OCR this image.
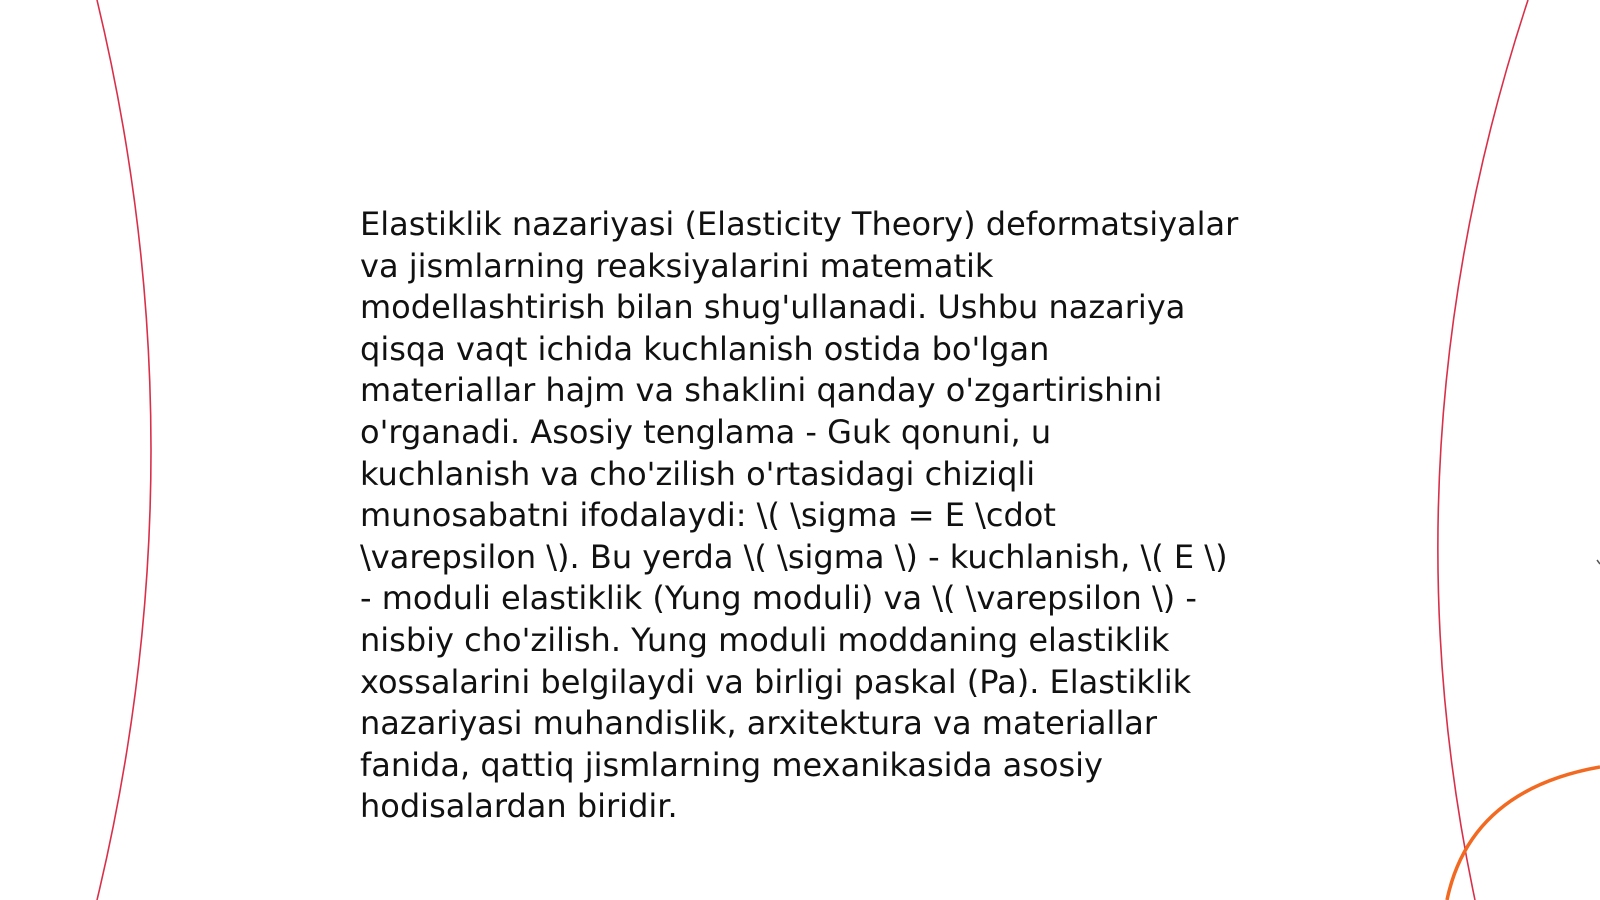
Elastiklik nazariyasi (Elasticity Theory) deformatsiyalar
va jismlarning reaksiyalarini matematik
modellashtirish bilan shug'ullanadi. Ushbu nazariya
qisqa vaqt ichida kuchlanish ostida bo'lgan
materiallar hajm va shaklini qanday o'zgartirishini
o'rganadi. Asosiy tenglama - Guk qonuni, u
kuchlanish va cho'zilish o'rtasidagi chiziqli
munosabatni ifodalaydi: \( \sigma = E \cdot
\varepsilon \). Bu yerda \( \sigma \) - kuchlanish, \( E \)
- moduli elastiklik (Yung moduli) va \( \varepsilon \) -
nisbiy cho'zilish. Yung moduli moddaning elastiklik
xossalarini belgilaydi va birligi paskal (Pa). Elastiklik
nazariyasi muhandislik, arxitektura va materiallar
fanida, qattiq jismlarning mexanikasida asosiy
hodisalardan biridir.
